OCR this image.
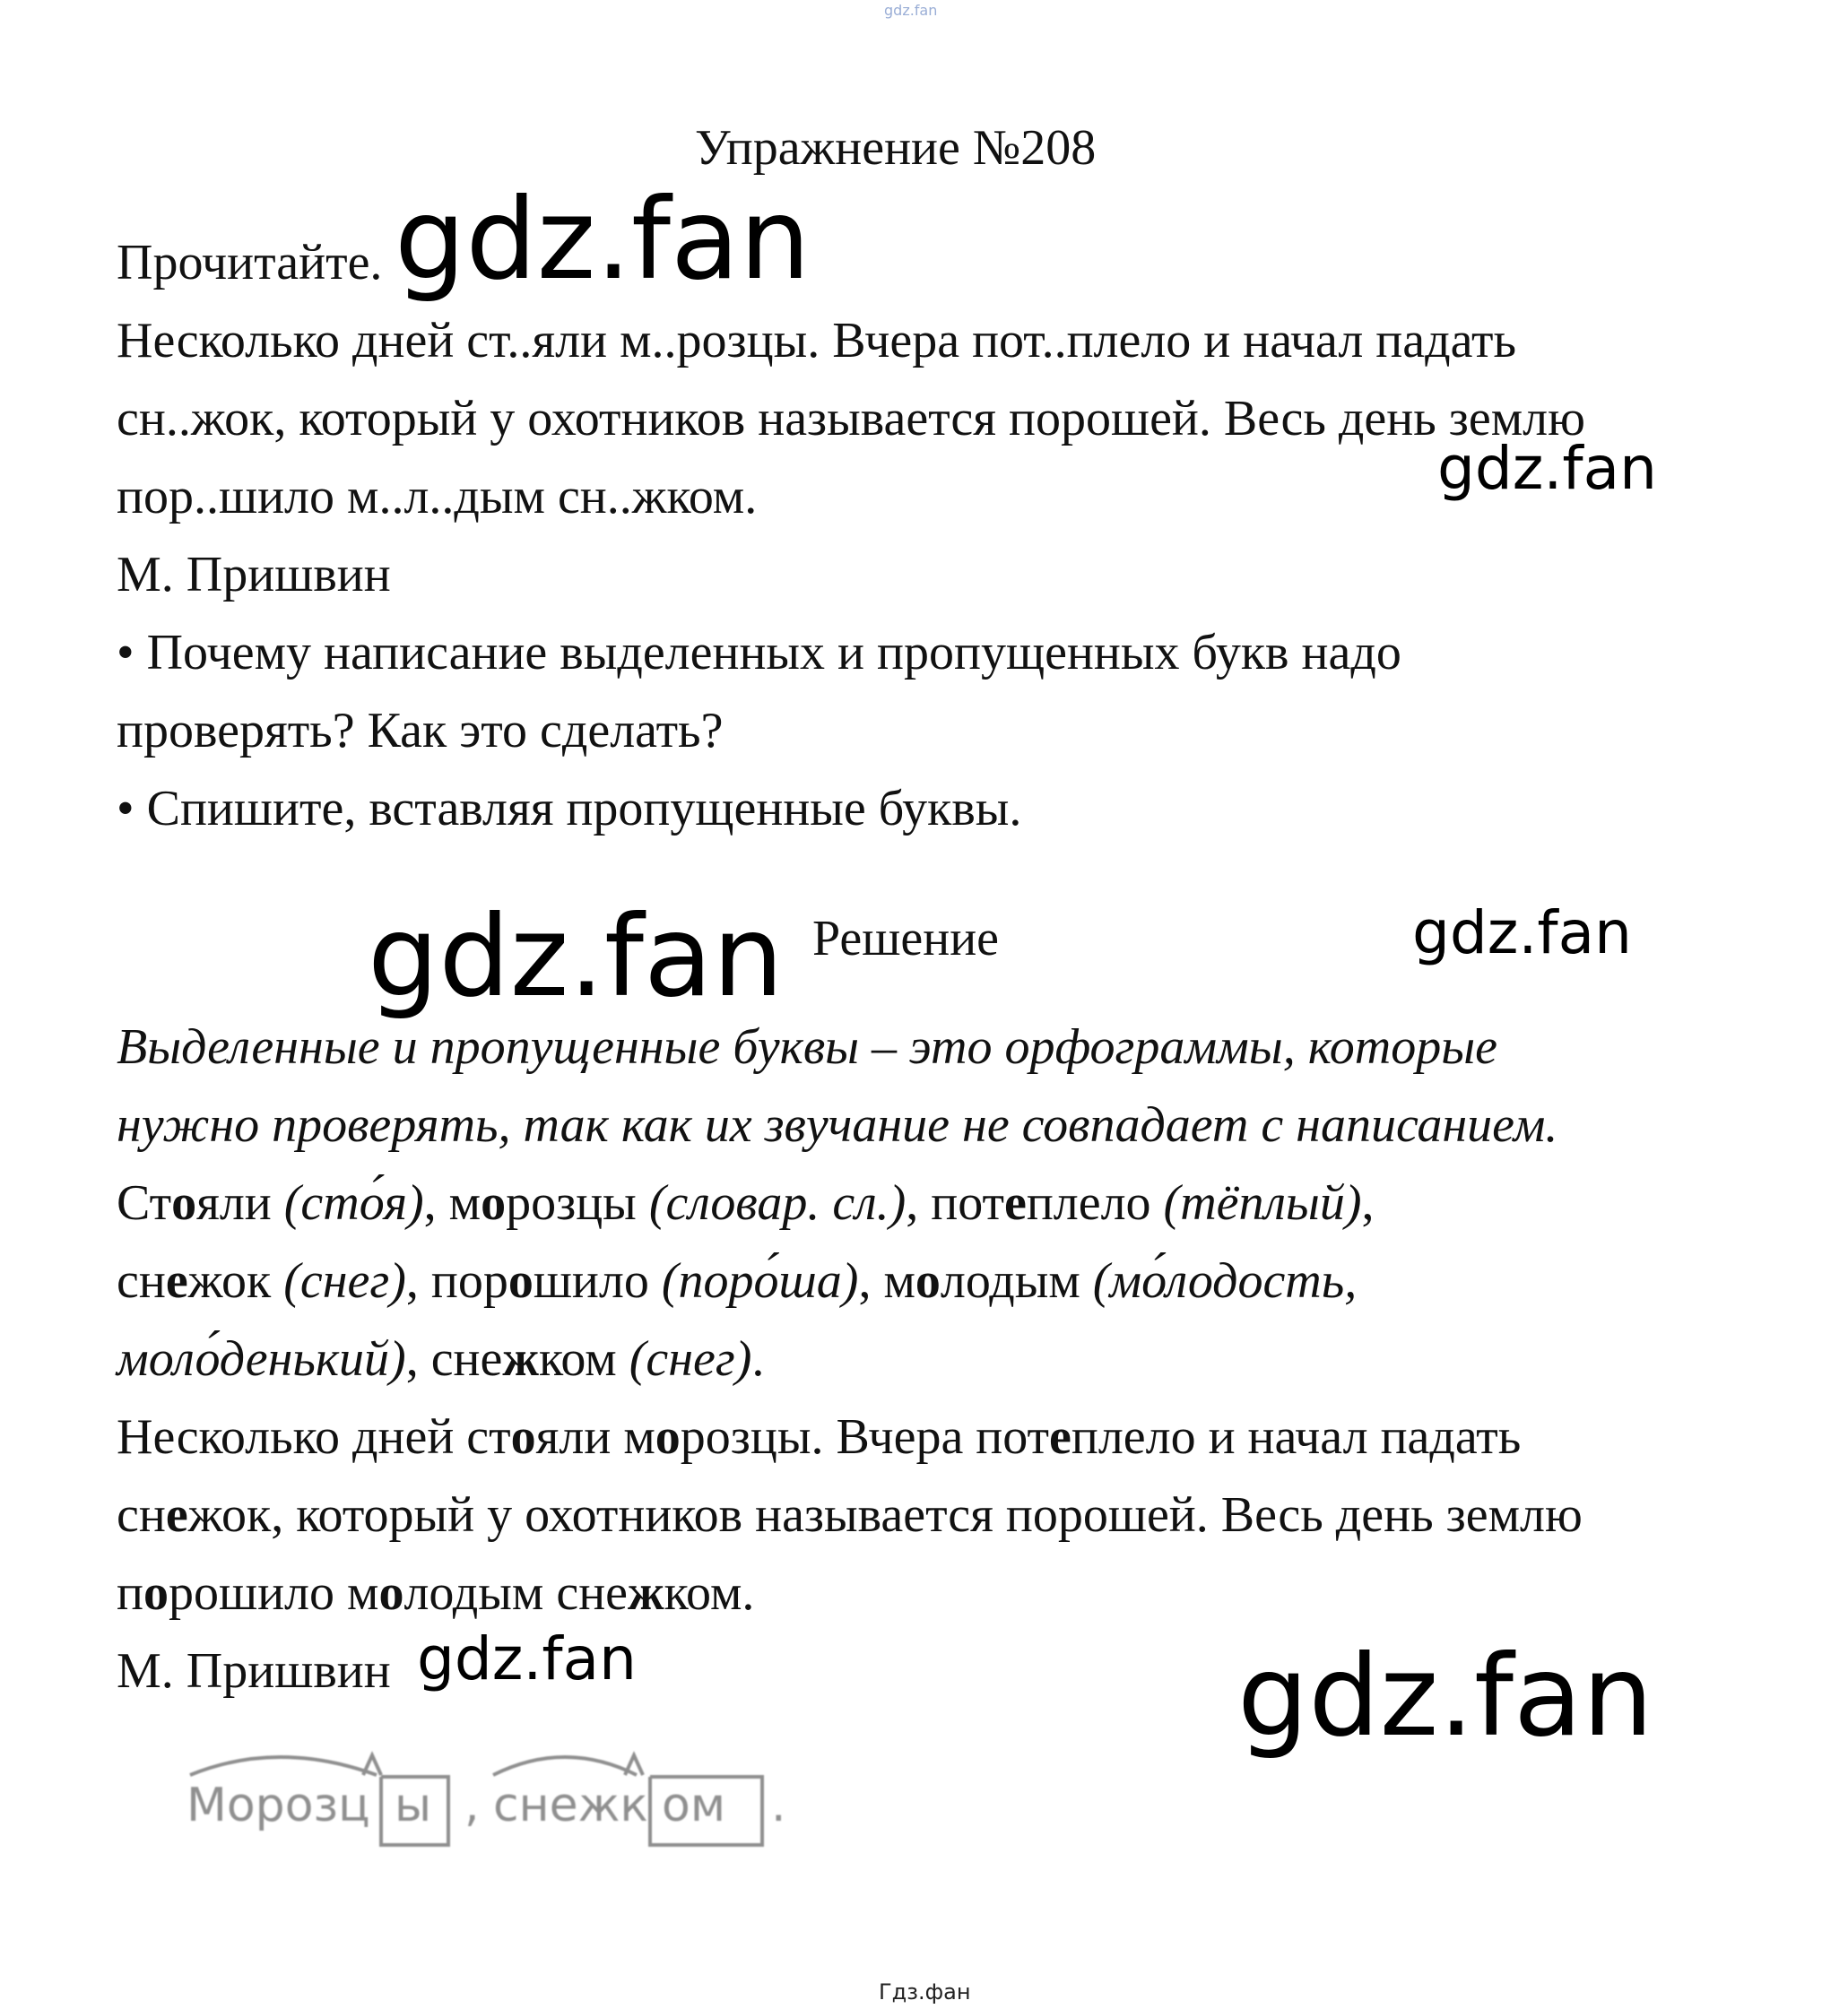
gdz.fan
Упражнение №208
Прочитайте.
Несколько дней ст..яли м..розцы. Вчера пот..плело и начал падать
сн..жок, который у охотников называется порошей. Весь день землю
пор..шило м..л..дым сн..жком.
М. Пришвин
• Почему написание выделенных и пропущенных букв надо
проверять? Как это сделать?
• Спишите, вставляя пропущенные буквы.
Решение
Выделенные и пропущенные буквы – это орфограммы, которые
нужно проверять, так как их звучание не совпадает с написанием.
Стояли (сто́я), морозцы (словар. сл.), потеплело (тёплый),
снежок (снег), порошило (поро́ша), молодым (мо́лодость,
моло́денький), снежком (снег).
Несколько дней стояли морозцы. Вчера потеплело и начал падать
снежок, который у охотников называется порошей. Весь день землю
порошило молодым снежком.
М. Пришвин
Морозц ы , снежк ом .
gdz.fan
gdz.fan
gdz.fan	gdz.fan
gdz.fan	gdz.fan
Гдз.фан
